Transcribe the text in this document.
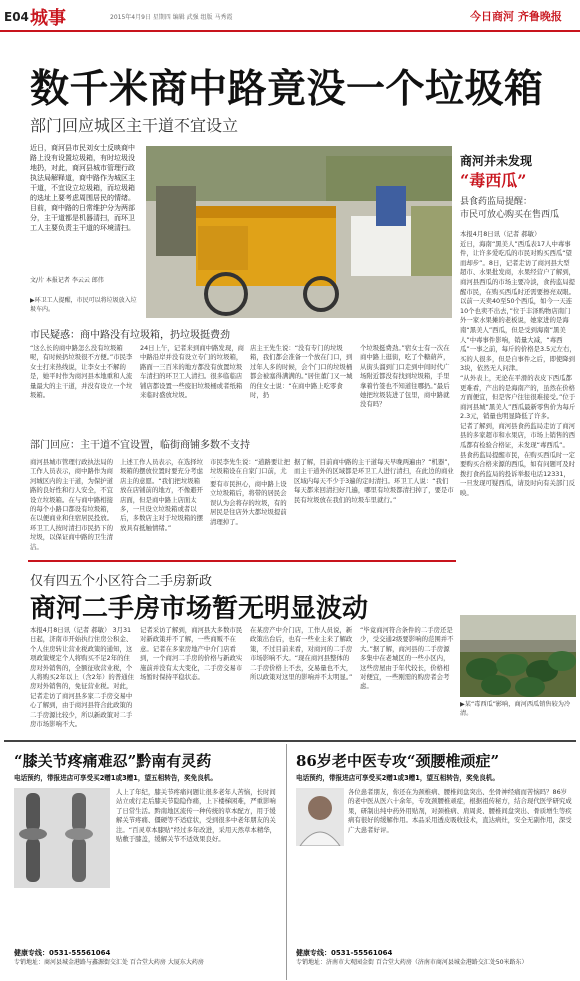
E04 城事	2015年4月9日 星期四 编辑 武强 组版 马秀霞	今日商河 齐鲁晚报
数千米商中路竟没一个垃圾箱
部门回应城区主干道不宜设立
近日，商河县市民刘女士反映商中路上没有设置垃圾箱，有时垃圾没地扔，对此，商河县城市管理行政执法局解释道，商中路作为城区主干道，不宜设立垃圾箱，而垃圾箱的选址上要考虑周围居民的情绪。目前，商中路的日常维护分为两部分，主干道都是机器清扫，而环卫工人主要负责主干道的环境清扫。
文/片 本报记者 李云云 郎伟
▶环卫工人提醒，市民可以将垃圾放入垃圾车内。
商河并未发现
“毒西瓜”
县食药监局提醒：
市民可放心购买在售西瓜
本报4月8日讯（记者 郝敏）
近日，海南“黑美人”西瓜表17人中毒事件，让许多爱吃瓜的市民对购买西瓜“望而却步”。8日，记者走访了商河县大型超市、水果批发商，水果经营户了解到，商河县西瓜的市场主要冷淡，食药监局提醒市民，在购买西瓜时还需要擦亮双眼。
以前一天卖40至50个西瓜，如今一天连10个也卖不出去，”位于丰泽购物店南门外一家水果摊的老板说，她家进的是海南“黑美人”西瓜，但是受到海南“黑美人”中毒事件影响，销量大减，“毒西瓜”一事之前，每斤的价格是3.5元左右，买的人很多，但是自事件之后，即使降到3块，依然无人问津。
“从外表上，无论在平滑的表皮下西瓜都更难看，产出的是海南产的，虽然在价格方面便宜，但是客户往往很难接受。”位于商河县城“黑美人”西瓜最新零售价为每斤2.3元，销量也明显降低了许多。
记者了解到，商河县食药监局走访了商河县的多家超市和水果店，市场上销售的西瓜都有检验合格证，未发现“毒西瓜”。
县食药监局提醒市民，在购买西瓜时一定要购买合格来源的西瓜，如有问题可及时拨打食药监局的投诉举报电话12331，一旦发现可疑西瓜，请及时向有关部门反映。
▶某“毒西瓜”影响，商河西瓜销售较为冷清。
市民疑惑：商中路没有垃圾箱，扔垃圾挺费劲
“这么长的商中路怎么没有垃圾箱呢，有时候扔垃圾很不方便。”市民李女士打来热线说，让李女士不解的是，她平时作为商河县本地重和人流量最大的主干道，并没有设立一个垃圾箱。
24日上午，记者来到商中路发现，商中路沿岸并没有设立专门的垃圾箱，路面一三百米的地方都没有放置垃圾车清扫的环卫工人清扫。很多临临店铺店都设置一些废旧垃圾桶或者纸箱来临时盛放垃圾。
店主王先生说：“没有专门的垃圾箱，我们都会准备一个放在门口，到过年人多的时候，会个门口的垃圾桶都会被塞得满满的。”居住董门又一城的住女士说：“在商中路上吃零食时，扔
个垃圾挺费劲。”宿女士有一次在商中路上逛街，吃了个糖葫芦，从街头溜到门口走到中间时代广场附近都没有找到垃圾箱，手里拿着竹签也不知道往哪扔。”最后她把垃圾装进了包里，商中路就没有吗？
部门回应：主干道不宜设置，临街商铺多数不支持
商河县城市管理行政执法局的工作人员表示，商中路作为商河城区内的主干道，为保护道路的良好性和行人安全，不宜设立垃圾箱。在与商中路相接的每个小路口都设有垃圾箱，在以便商业和住宿居民投放。环卫工人按时清扫市民扔下的垃圾，以保证商中路的卫生清洁。
上述工作人员表示，在选择垃圾箱的摆放位置时要充分考虑店主的意愿。“我们把垃圾箱放在店铺前的地方，不像避开店面，但是商中路上店面太多，一旦设立垃圾箱或者以后，多数店主对于垃圾箱的摆放具有抵触情绪。”
市民李先生说：“道路要让把垃圾箱设在自家门口前，尤
要有市民担心，商中路上设立垃圾箱后，将带的居民会误认为会将存的垃圾，有的居民是往店外大都垃圾提前清理掉了。
据了解，目前商中路的主干道每天早晚两遍由？“机器”，而主干道外的区域都是环卫工人进行清扫，在此边的商业区域内每天不少于3遍的定时清扫。环卫工人说：“我们每天都来回清扫好几遍，哪里有垃圾都清扫掉了，要是市民有垃圾放在我们的垃圾车里就行。”
仅有四五个小区符合二手房新政
商河二手房市场暂无明显波动
本报4月8日讯（记者 郝敏） 3月31日起，济南市开始执行住房公积金、个人住房转让营业税政策的通知，这项政策规定个人将购买不足2年的住房对外销售的，全额征收营业税，个人将购买2年以上（含2年）的普通住房对外销售的，免征营业税。对此，记者走访了商河县多家二手房交易中心了解到，由于商河县符合此政策的二手房源比较少，所以新政策对二手房市场影响不大。
记者采访了解到，商河县大多数市民对新政策并不了解，一些商贩不在意。记者在多家房地产中介门店看到，一个商河二手房的价格与新政实施前并没有太大变化，二手房交易市场暂时保持平稳状态。
在某房产中介门店，工作人员说，新政策出台后，也有一些业主来了解政策，不过目前来看，对商河的二手房市场影响不大。“现在商河县整体的二手房价格上不去，交易量也不大，所以政策对这里的影响并不太明显。”
“毕竟商河符合条件的二手房还是少，受交通2级要影响的范围并不大。”据了解，商河县的二手房源多集中在老城区的一些小区内，这些房屋由于年代较长，价格相对便宜，一些刚需的购房者会考虑。
“膝关节疼痛难忍”黔南有灵药
电话预约，带报进店可享受买2赠1或3赠1，望五相转告，奖免良机。
人上了年纪，膝关节疼痛问题让很多老年人苦恼，长时间站立或行走后膝关节隐隐作痛，上下楼梯困难，严重影响了日常生活。黔南地区流传一种传统的草本配方，用于缓解关节疼痛、僵硬等不适症状，受到很多中老年朋友的关注。“百灵草本膝贴”经过多年改进，采用天然草本精华，贴敷于膝盖，缓解关节不适效果良好。
健康专线：0531-55561064
专销地址：商河县城金港路与鑫源街交汇处 百合堂大药房 大厦东大药房
86岁老中医专攻“颈腰椎顽症”
电话预约，带报进店可享受买2赠1或3赠1，望互相转告，奖免良机。
各位患者朋友，你还在为颈椎病、腰椎间盘突出、坐骨神经痛而苦恼吗？86岁的老中医从医六十余年，专攻颈腰椎顽症，根据祖传秘方，结合现代医学研究成果，研制出纯中药外用贴剂，对颈椎病、肩周炎、腰椎间盘突出、骨质增生等疾病有很好的缓解作用。本品采用透皮吸收技术，直达病灶，安全无副作用，深受广大患者好评。
健康专线：0531-55561064
专销地址：济南市大观园金街 百合堂大药房（济南市商河县城金港路交汇处50米路东）
